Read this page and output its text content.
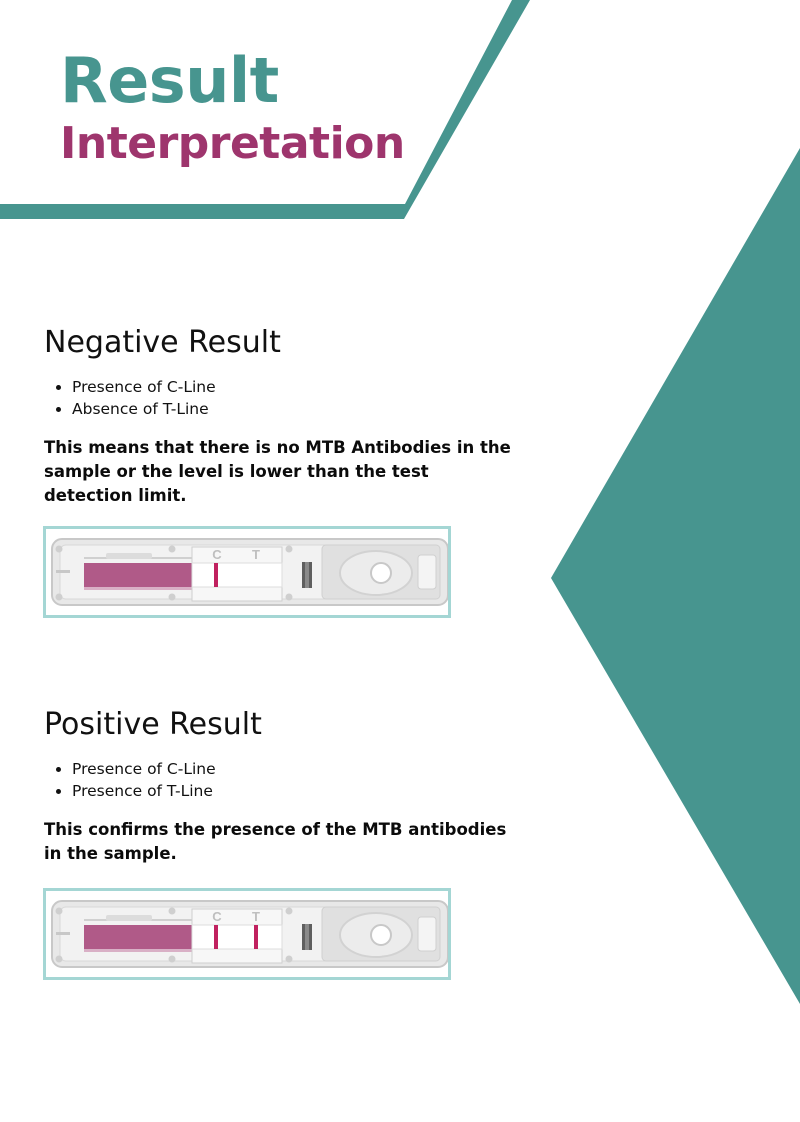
Result
Interpretation
Negative Result
• Presence of C-Line
• Absence of T-Line

This means that there is no MTB Antibodies in the sample or the level is lower than the test detection limit.

C T
Positive Result
• Presence of C-Line
• Presence of T-Line

This confirms the presence of the MTB antibodies in the sample.

C T
